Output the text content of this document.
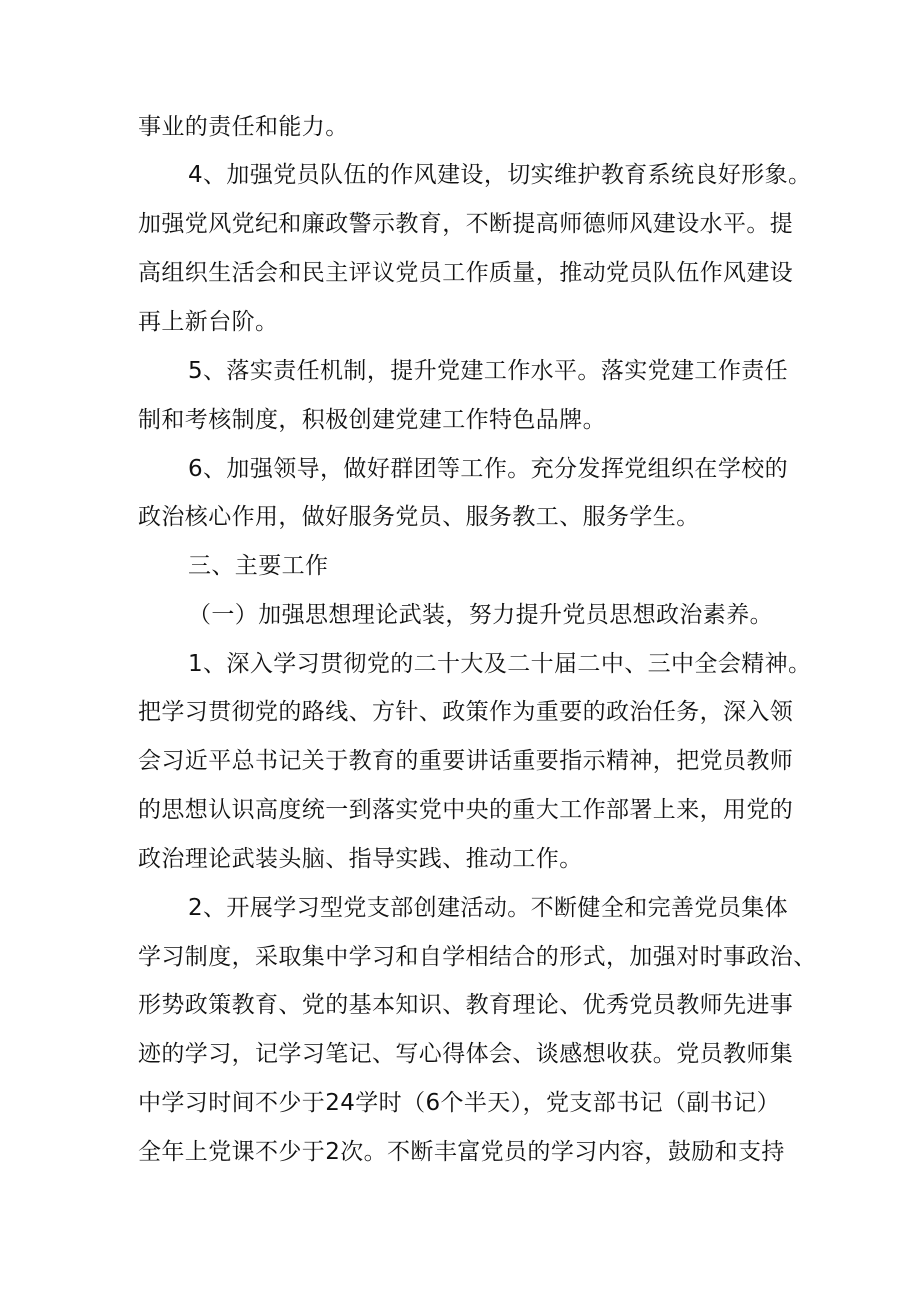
事业的责任和能力。
4、加强党员队伍的作风建设，切实维护教育系统良好形象。
加强党风党纪和廉政警示教育，不断提高师德师风建设水平。提
高组织生活会和民主评议党员工作质量，推动党员队伍作风建设
再上新台阶。
5、落实责任机制，提升党建工作水平。落实党建工作责任
制和考核制度，积极创建党建工作特色品牌。
6、加强领导，做好群团等工作。充分发挥党组织在学校的
政治核心作用，做好服务党员、服务教工、服务学生。
三、主要工作
（一）加强思想理论武装，努力提升党员思想政治素养。
1、深入学习贯彻党的二十大及二十届二中、三中全会精神。
把学习贯彻党的路线、方针、政策作为重要的政治任务，深入领
会习近平总书记关于教育的重要讲话重要指示精神，把党员教师
的思想认识高度统一到落实党中央的重大工作部署上来，用党的
政治理论武装头脑、指导实践、推动工作。
2、开展学习型党支部创建活动。不断健全和完善党员集体
学习制度，采取集中学习和自学相结合的形式，加强对时事政治、
形势政策教育、党的基本知识、教育理论、优秀党员教师先进事
迹的学习，记学习笔记、写心得体会、谈感想收获。党员教师集
中学习时间不少于24学时（6个半天），党支部书记（副书记）
全年上党课不少于2次。不断丰富党员的学习内容，鼓励和支持
